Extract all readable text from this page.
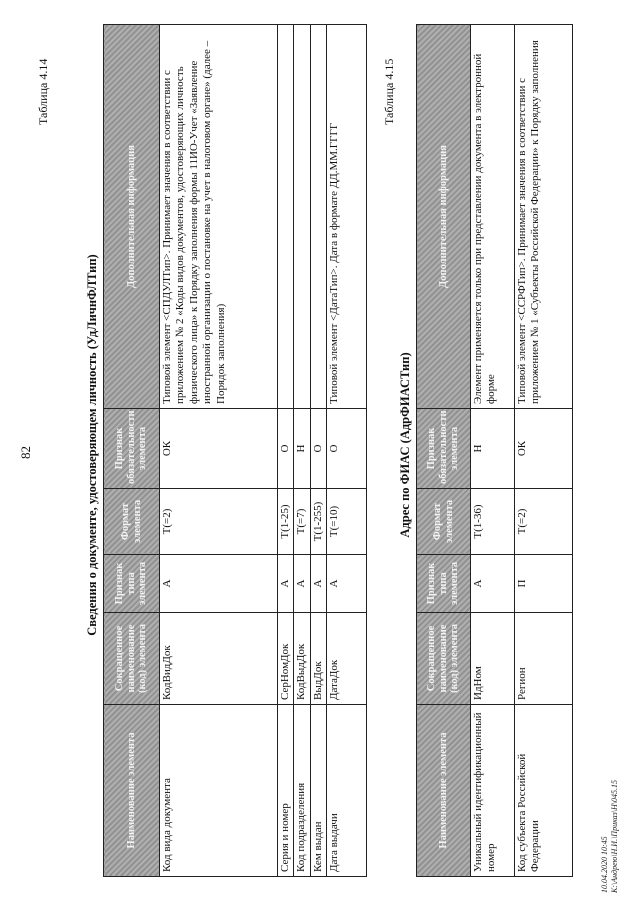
82
Таблица 4.14
Сведения о документе, удостоверяющем личность (УдЛичнФЛТип)
Наименование элемента	Сокращенное наименование (код) элемента	Признак типа элемента	Формат элемента	Признак обязательности элемента	Дополнительная информация
Код вида документа	КодВидДок	А	T(=2)	ОК	Типовой элемент <СПДУЛТип>. Принимает значения в соответствии с приложением № 2 «Коды видов документов, удостоверяющих личность физического лица» к Порядку заполнения формы 11ИО-Учет «Заявление иностранной организации о постановке на учет в налоговом органе» (далее – Порядок заполнения)
Серия и номер	СерНомДок	А	T(1-25)	О	
Код подразделения	КодВыдДок	А	T(=7)	Н	
Кем выдан	ВыдДок	А	T(1-255)	О	
Дата выдачи	ДатаДок	А	T(=10)	О	Типовой элемент <ДатаТип>. Дата в формате ДД.ММ.ГГГГ
Таблица 4.15
Адрес по ФИАС (АдрФИАСТип)
Наименование элемента	Сокращенное наименование (код) элемента	Признак типа элемента	Формат элемента	Признак обязательности элемента	Дополнительная информация
Уникальный идентификационный номер	ИдНом	А	T(1-36)	Н	Элемент применяется только при представлении документа в электронной форме
Код субъекта Российской Федерации	Регион	П	T(=2)	ОК	Типовой элемент <ССРФТип>. Принимает значения в соответствии с приложением № 1 «Субъекты Российской Федерации» к Порядку заполнения
10.04.2020 10:45 К:\Андрею\Н.И.\Приказ\Н\045.15
